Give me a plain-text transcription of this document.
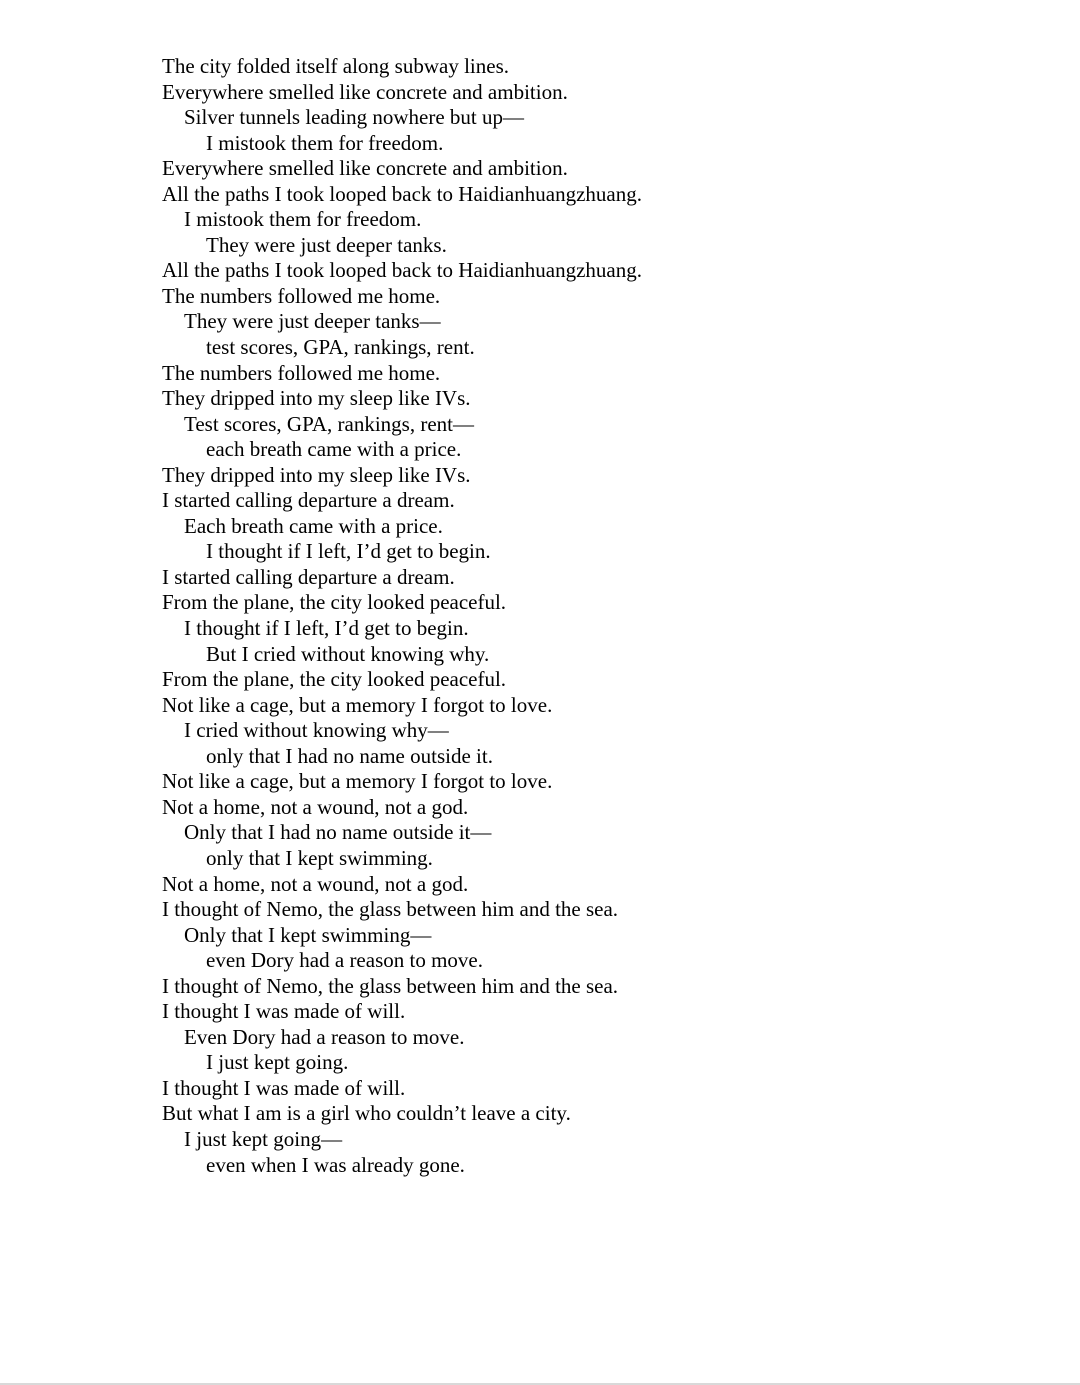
The city folded itself along subway lines.
Everywhere smelled like concrete and ambition.
Silver tunnels leading nowhere but up—
I mistook them for freedom.
Everywhere smelled like concrete and ambition.
All the paths I took looped back to Haidianhuangzhuang.
I mistook them for freedom.
They were just deeper tanks.
All the paths I took looped back to Haidianhuangzhuang.
The numbers followed me home.
They were just deeper tanks—
test scores, GPA, rankings, rent.
The numbers followed me home.
They dripped into my sleep like IVs.
Test scores, GPA, rankings, rent—
each breath came with a price.
They dripped into my sleep like IVs.
I started calling departure a dream.
Each breath came with a price.
I thought if I left, I’d get to begin.
I started calling departure a dream.
From the plane, the city looked peaceful.
I thought if I left, I’d get to begin.
But I cried without knowing why.
From the plane, the city looked peaceful.
Not like a cage, but a memory I forgot to love.
I cried without knowing why—
only that I had no name outside it.
Not like a cage, but a memory I forgot to love.
Not a home, not a wound, not a god.
Only that I had no name outside it—
only that I kept swimming.
Not a home, not a wound, not a god.
I thought of Nemo, the glass between him and the sea.
Only that I kept swimming—
even Dory had a reason to move.
I thought of Nemo, the glass between him and the sea.
I thought I was made of will.
Even Dory had a reason to move.
I just kept going.
I thought I was made of will.
But what I am is a girl who couldn’t leave a city.
I just kept going—
even when I was already gone.
